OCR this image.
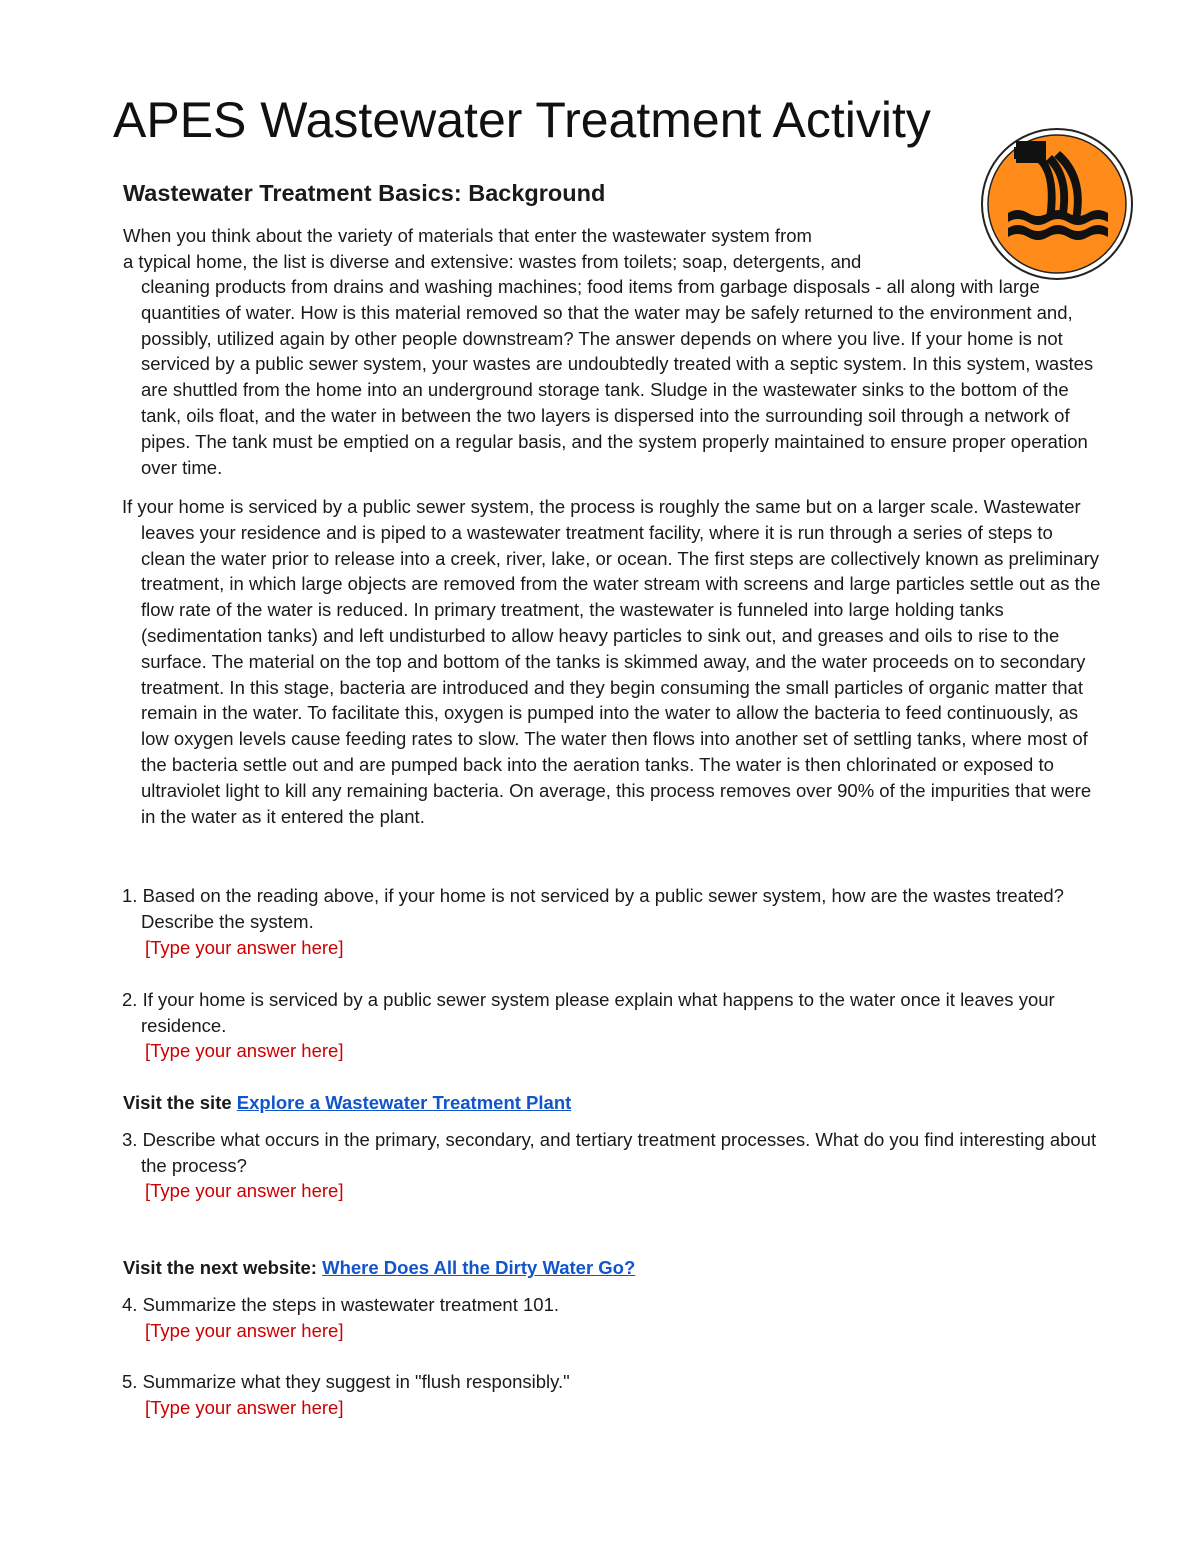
APES Wastewater Treatment Activity
Wastewater Treatment Basics: Background

When you think about the variety of materials that enter the wastewater system from

a typical home, the list is diverse and extensive: wastes from toilets; soap, detergents, and

cleaning products from drains and washing machines; food items from garbage disposals - all along with large quantities of water. How is this material removed so that the water may be safely returned to the environment and, possibly, utilized again by other people downstream? The answer depends on where you live. If your home is not serviced by a public sewer system, your wastes are undoubtedly treated with a septic system. In this system, wastes are shuttled from the home into an underground storage tank. Sludge in the wastewater sinks to the bottom of the tank, oils float, and the water in between the two layers is dispersed into the surrounding soil through a network of pipes. The tank must be emptied on a regular basis, and the system properly maintained to ensure proper operation over time.

If your home is serviced by a public sewer system, the process is roughly the same but on a larger scale. Wastewater leaves your residence and is piped to a wastewater treatment facility, where it is run through a series of steps to clean the water prior to release into a creek, river, lake, or ocean. The first steps are collectively known as preliminary treatment, in which large objects are removed from the water stream with screens and large particles settle out as the flow rate of the water is reduced. In primary treatment, the wastewater is funneled into large holding tanks (sedimentation tanks) and left undisturbed to allow heavy particles to sink out, and greases and oils to rise to the surface. The material on the top and bottom of the tanks is skimmed away, and the water proceeds on to secondary treatment. In this stage, bacteria are introduced and they begin consuming the small particles of organic matter that remain in the water. To facilitate this, oxygen is pumped into the water to allow the bacteria to feed continuously, as low oxygen levels cause feeding rates to slow. The water then flows into another set of settling tanks, where most of the bacteria settle out and are pumped back into the aeration tanks. The water is then chlorinated or exposed to ultraviolet light to kill any remaining bacteria. On average, this process removes over 90% of the impurities that were in the water as it entered the plant.

1. Based on the reading above, if your home is not serviced by a public sewer system, how are the wastes treated? Describe the system.

[Type your answer here]

2. If your home is serviced by a public sewer system please explain what happens to the water once it leaves your residence.

[Type your answer here]

Visit the site Explore a Wastewater Treatment Plant

3. Describe what occurs in the primary, secondary, and tertiary treatment processes. What do you find interesting about the process?

[Type your answer here]

Visit the next website: Where Does All the Dirty Water Go?

4. Summarize the steps in wastewater treatment 101.

[Type your answer here]

5. Summarize what they suggest in "flush responsibly."

[Type your answer here]
